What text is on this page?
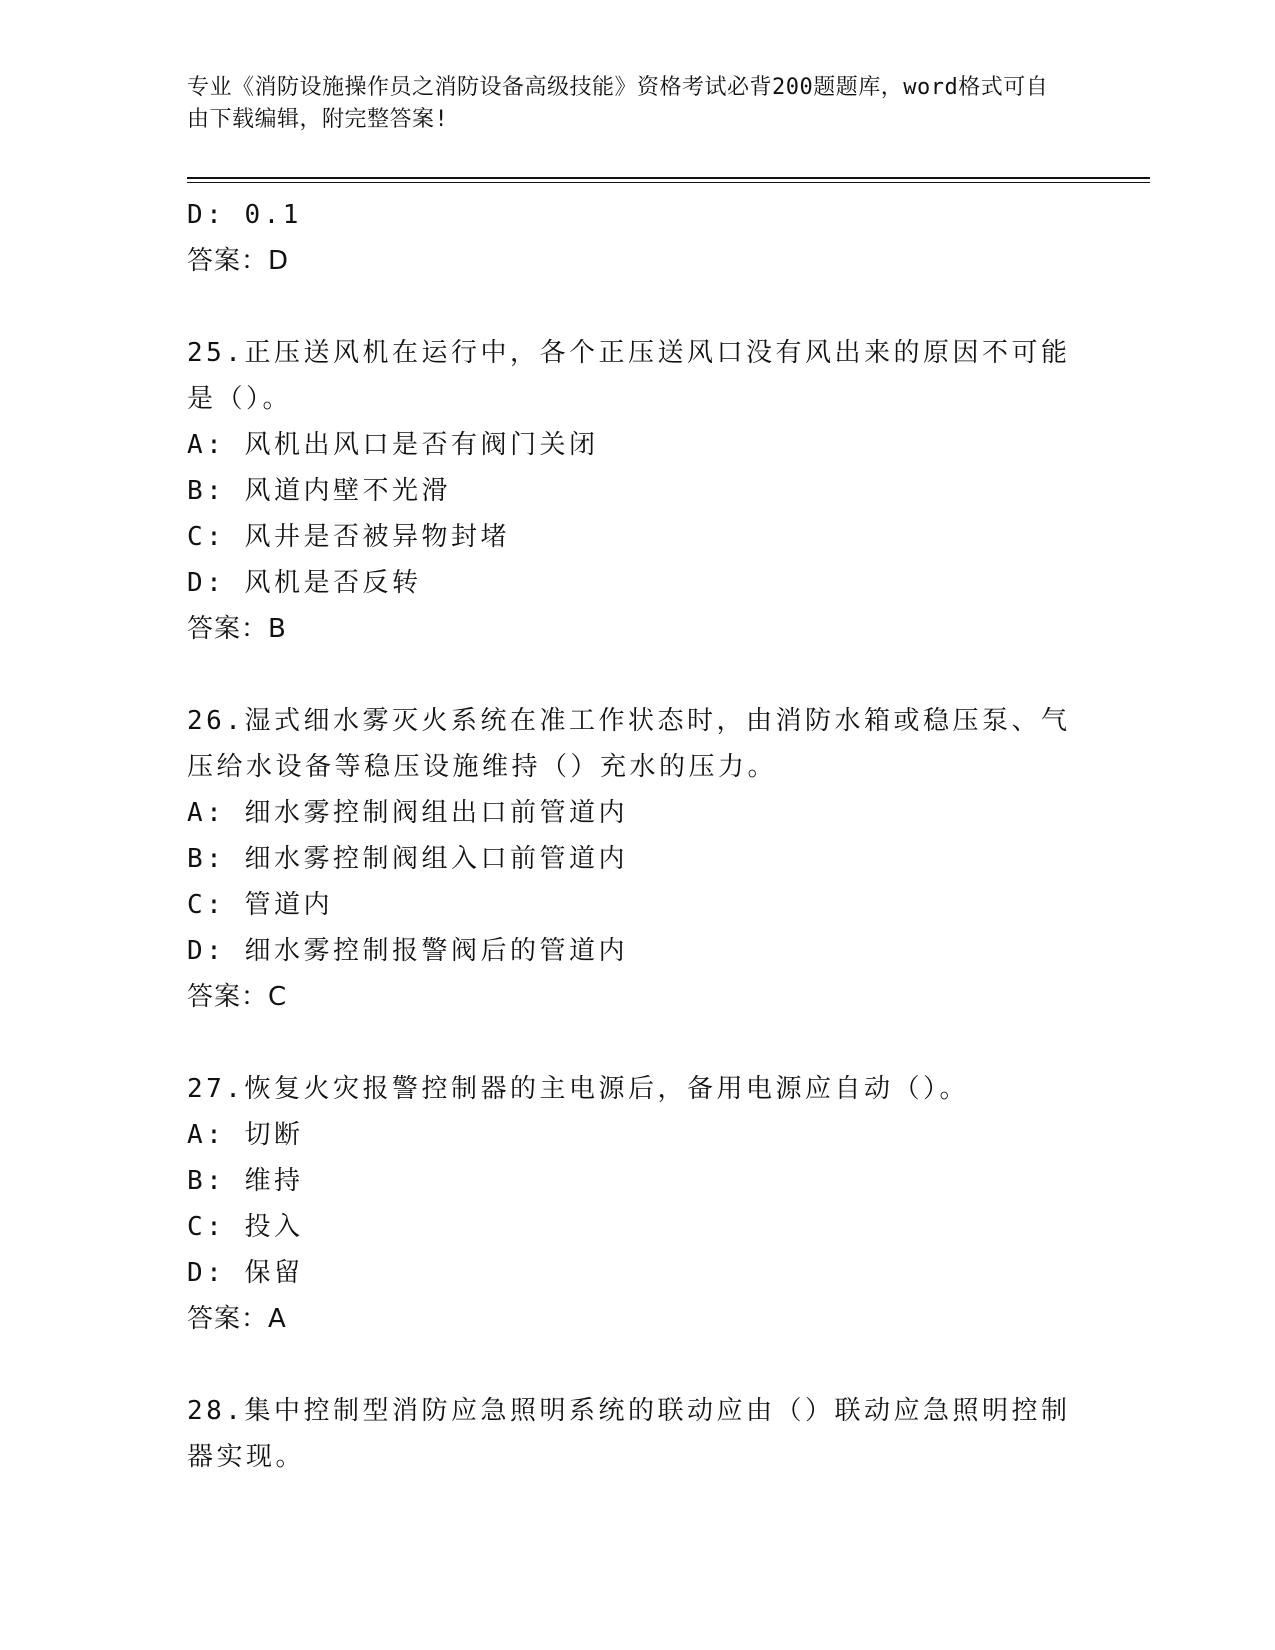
专业《消防设施操作员之消防设备高级技能》资格考试必背200题题库，word格式可自由下载编辑，附完整答案!
D: 0.1
答案：D
25.正压送风机在运行中，各个正压送风口没有风出来的原因不可能是（）。
A: 风机出风口是否有阀门关闭
B: 风道内壁不光滑
C: 风井是否被异物封堵
D: 风机是否反转
答案：B
26.湿式细水雾灭火系统在准工作状态时，由消防水箱或稳压泵、气压给水设备等稳压设施维持（）充水的压力。
A: 细水雾控制阀组出口前管道内
B: 细水雾控制阀组入口前管道内
C: 管道内
D: 细水雾控制报警阀后的管道内
答案：C
27.恢复火灾报警控制器的主电源后，备用电源应自动（）。
A: 切断
B: 维持
C: 投入
D: 保留
答案：A
28.集中控制型消防应急照明系统的联动应由（）联动应急照明控制器实现。
